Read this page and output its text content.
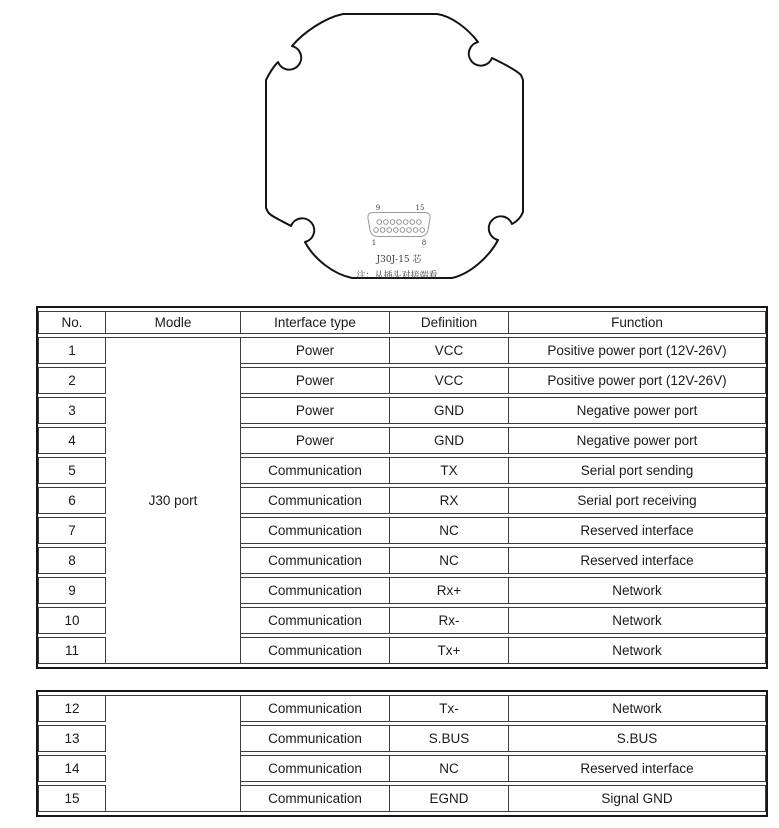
9	15
1	8
J30J-15 芯
注：从插头对接端看
No.	Modle	Interface type	Definition	Function
1	J30 port	Power	VCC	Positive power port (12V-26V)
2		Power	VCC	Positive power port (12V-26V)
3		Power	GND	Negative power port
4		Power	GND	Negative power port
5		Communication	TX	Serial port sending
6		Communication	RX	Serial port receiving
7		Communication	NC	Reserved interface
8		Communication	NC	Reserved interface
9		Communication	Rx+	Network
10		Communication	Rx-	Network
11		Communication	Tx+	Network
12		Communication	Tx-	Network
13		Communication	S.BUS	S.BUS
14		Communication	NC	Reserved interface
15		Communication	EGND	Signal GND
